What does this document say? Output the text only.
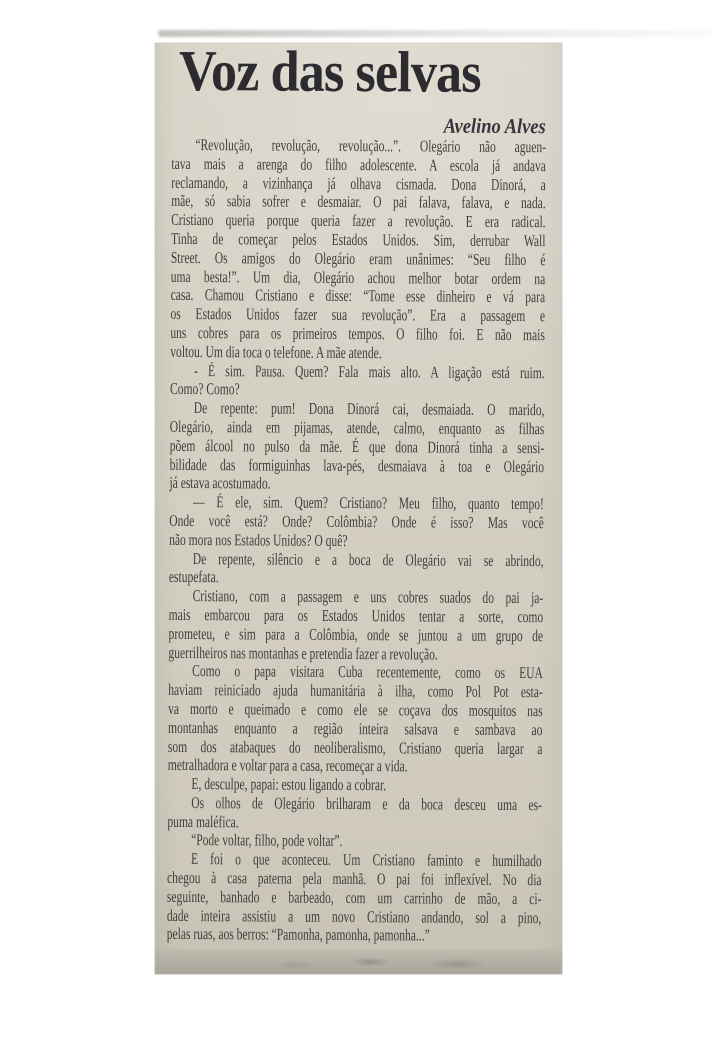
Voz das selvas
Avelino Alves
“Revolução, revolução, revolução...”. Olegário não aguen-
tava mais a arenga do filho adolescente. A escola já andava
reclamando, a vizinhança já olhava cismada. Dona Dinorá, a
mãe, só sabia sofrer e desmaiar. O pai falava, falava, e nada.
Cristiano queria porque queria fazer a revolução. E era radical.
Tinha de começar pelos Estados Unidos. Sim, derrubar Wall
Street. Os amigos do Olegário eram unânimes: “Seu filho é
uma besta!”. Um dia, Olegário achou melhor botar ordem na
casa. Chamou Cristiano e disse: “Tome esse dinheiro e vá para
os Estados Unidos fazer sua revolução”. Era a passagem e
uns cobres para os primeiros tempos. O filho foi. E não mais
voltou. Um dia toca o telefone. A mãe atende.
- É sim. Pausa. Quem? Fala mais alto. A ligação está ruim.
Como? Como?
De repente: pum! Dona Dinorá cai, desmaiada. O marido,
Olegário, ainda em pijamas, atende, calmo, enquanto as filhas
põem álcool no pulso da mãe. É que dona Dinorá tinha a sensi-
bilidade das formiguinhas lava-pés, desmaiava à toa e Olegário
já estava acostumado.
— É ele, sim. Quem? Cristiano? Meu filho, quanto tempo!
Onde você está? Onde? Colômbia? Onde é isso? Mas você
não mora nos Estados Unidos? O quê?
De repente, silêncio e a boca de Olegário vai se abrindo,
estupefata.
Cristiano, com a passagem e uns cobres suados do pai ja-
mais embarcou para os Estados Unidos tentar a sorte, como
prometeu, e sim para a Colômbia, onde se juntou a um grupo de
guerrilheiros nas montanhas e pretendia fazer a revolução.
Como o papa visitara Cuba recentemente, como os EUA
haviam reiniciado ajuda humanitária à ilha, como Pol Pot esta-
va morto e queimado e como ele se coçava dos mosquitos nas
montanhas enquanto a região inteira salsava e sambava ao
som dos atabaques do neoliberalismo, Cristiano queria largar a
metralhadora e voltar para a casa, recomeçar a vida.
E, desculpe, papai: estou ligando a cobrar.
Os olhos de Olegário brilharam e da boca desceu uma es-
puma maléfica.
“Pode voltar, filho, pode voltar”.
E foi o que aconteceu. Um Cristiano faminto e humilhado
chegou à casa paterna pela manhã. O pai foi inflexível. No dia
seguinte, banhado e barbeado, com um carrinho de mão, a ci-
dade inteira assistiu a um novo Cristiano andando, sol a pino,
pelas ruas, aos berros: “Pamonha, pamonha, pamonha...”
